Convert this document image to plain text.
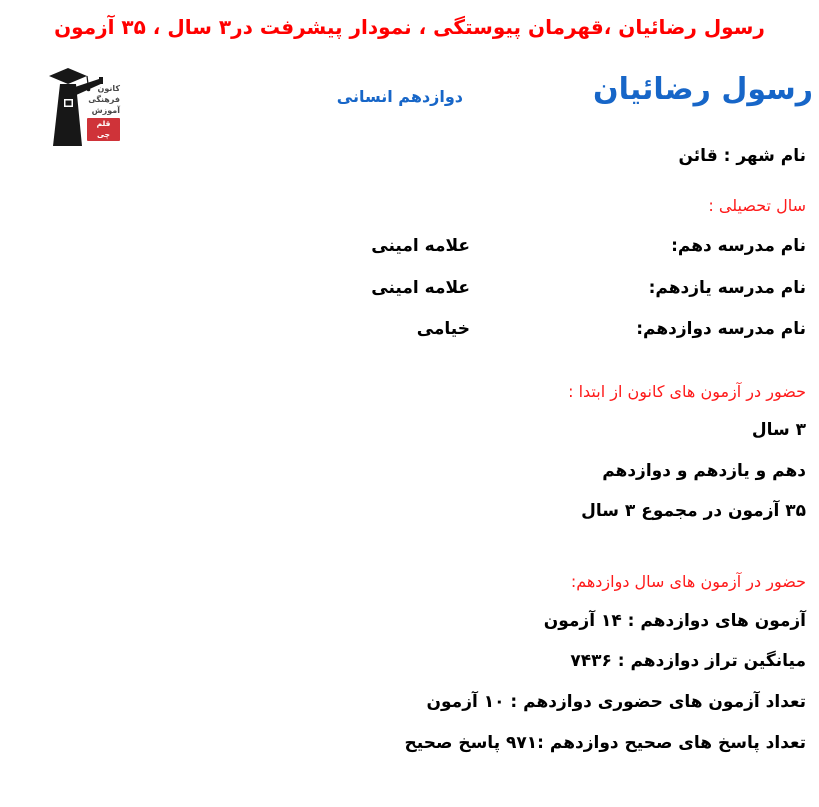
رسول رضائیان ،قهرمان پیوستگی ، نمودار پیشرفت در۳ سال ، ۳۵ آزمون
کانون
فرهنگی
آموزش
قلم چی
رسول رضائیان
دوازدهم انسانی
نام شهر : قائن
سال تحصیلی :
نام مدرسه دهم:
علامه امینی
نام مدرسه یازدهم:
علامه امینی
نام مدرسه دوازدهم:
خیامی
حضور در آزمون های کانون از ابتدا :
۳ سال
دهم و یازدهم و دوازدهم
۳۵ آزمون در مجموع ۳ سال
حضور در آزمون های سال دوازدهم:
آزمون های دوازدهم : ۱۴ آزمون
میانگین تراز دوازدهم : ۷۴۳۶
تعداد آزمون های حضوری دوازدهم : ۱۰ آزمون
تعداد پاسخ های صحیح دوازدهم :۹۷۱ پاسخ صحیح
